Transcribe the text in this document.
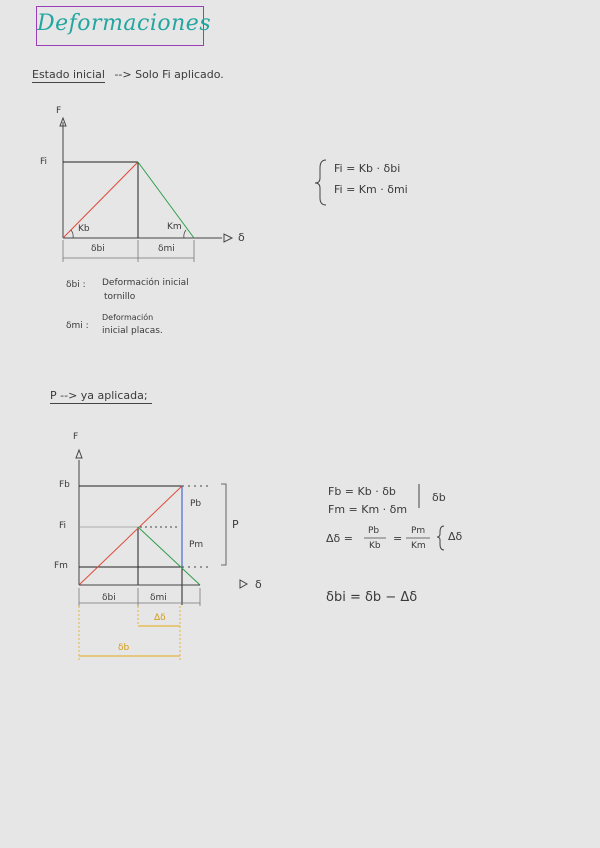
Deformaciones
Estado inicial --> Solo Fi aplicado.
F
δ
Fi
Kb	Km
δbi	δmi
Fi = Kb · δbi
Fi = Km · δmi
δbi : Deformación inicial
tornillo
δmi :
Deformación
inicial placas.
P --> ya aplicada;
F
δ
Fb
Fi
Fm
Pb
Pm
P
δbi	δmi
Δδ
δb
Fb = Kb · δb
Fm = Km · δm
δb
Δδ =
Pb
Kb
=
Pm
Km
Δδ
δbi = δb − Δδ
